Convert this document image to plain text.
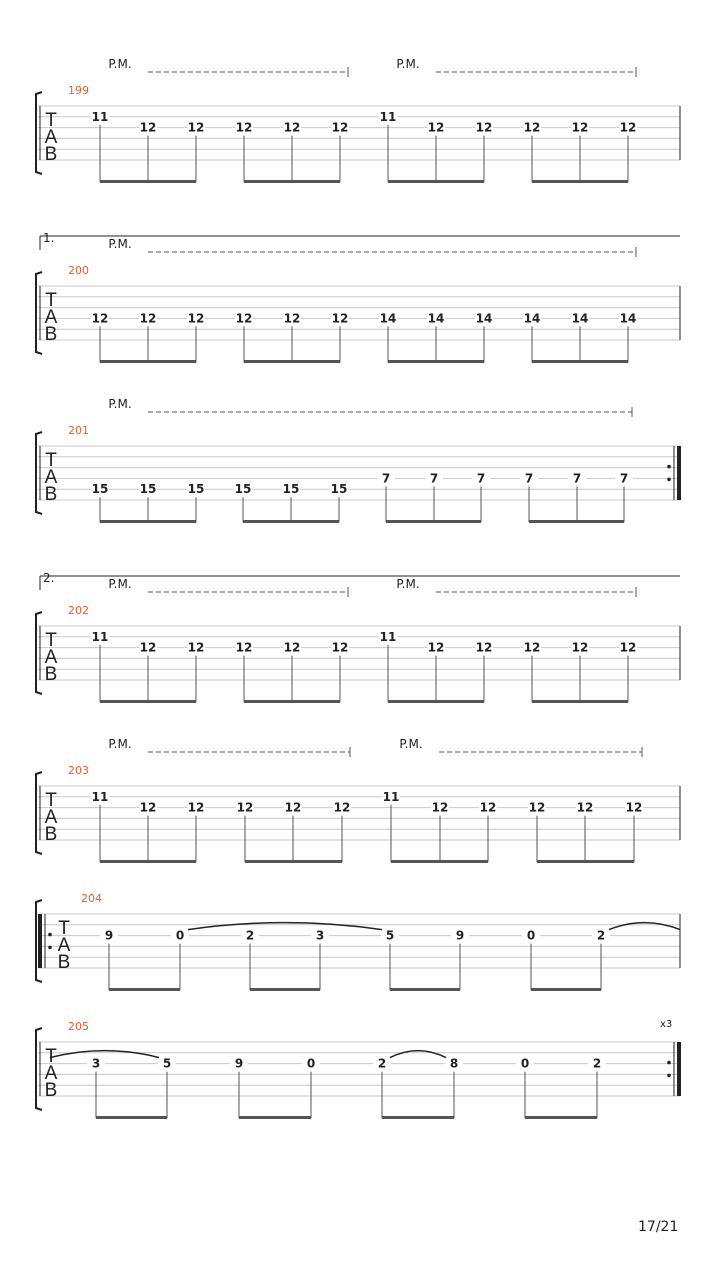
T
A
B
199
P.M.	P.M.
11
12	12	12	12	12
11
12	12	12	12	12
T
A
B
200
1.	P.M.
12	12	12	12	12	12	14	14	14	14	14	14
T
A
B
201
P.M.
15	15	15	15	15	15
7	7	7	7	7	7
T
A
B
202
2.	P.M.	P.M.
11
12	12	12	12	12
11
12	12	12	12	12
T
A
B
203
P.M.	P.M.
11
12	12	12	12	12
11
12	12	12	12	12
T
A
B
204
9	0	2	3	5	9	0	2
T
A
B
205	x3
3	5	9	0	2	8	0	2
17/21
